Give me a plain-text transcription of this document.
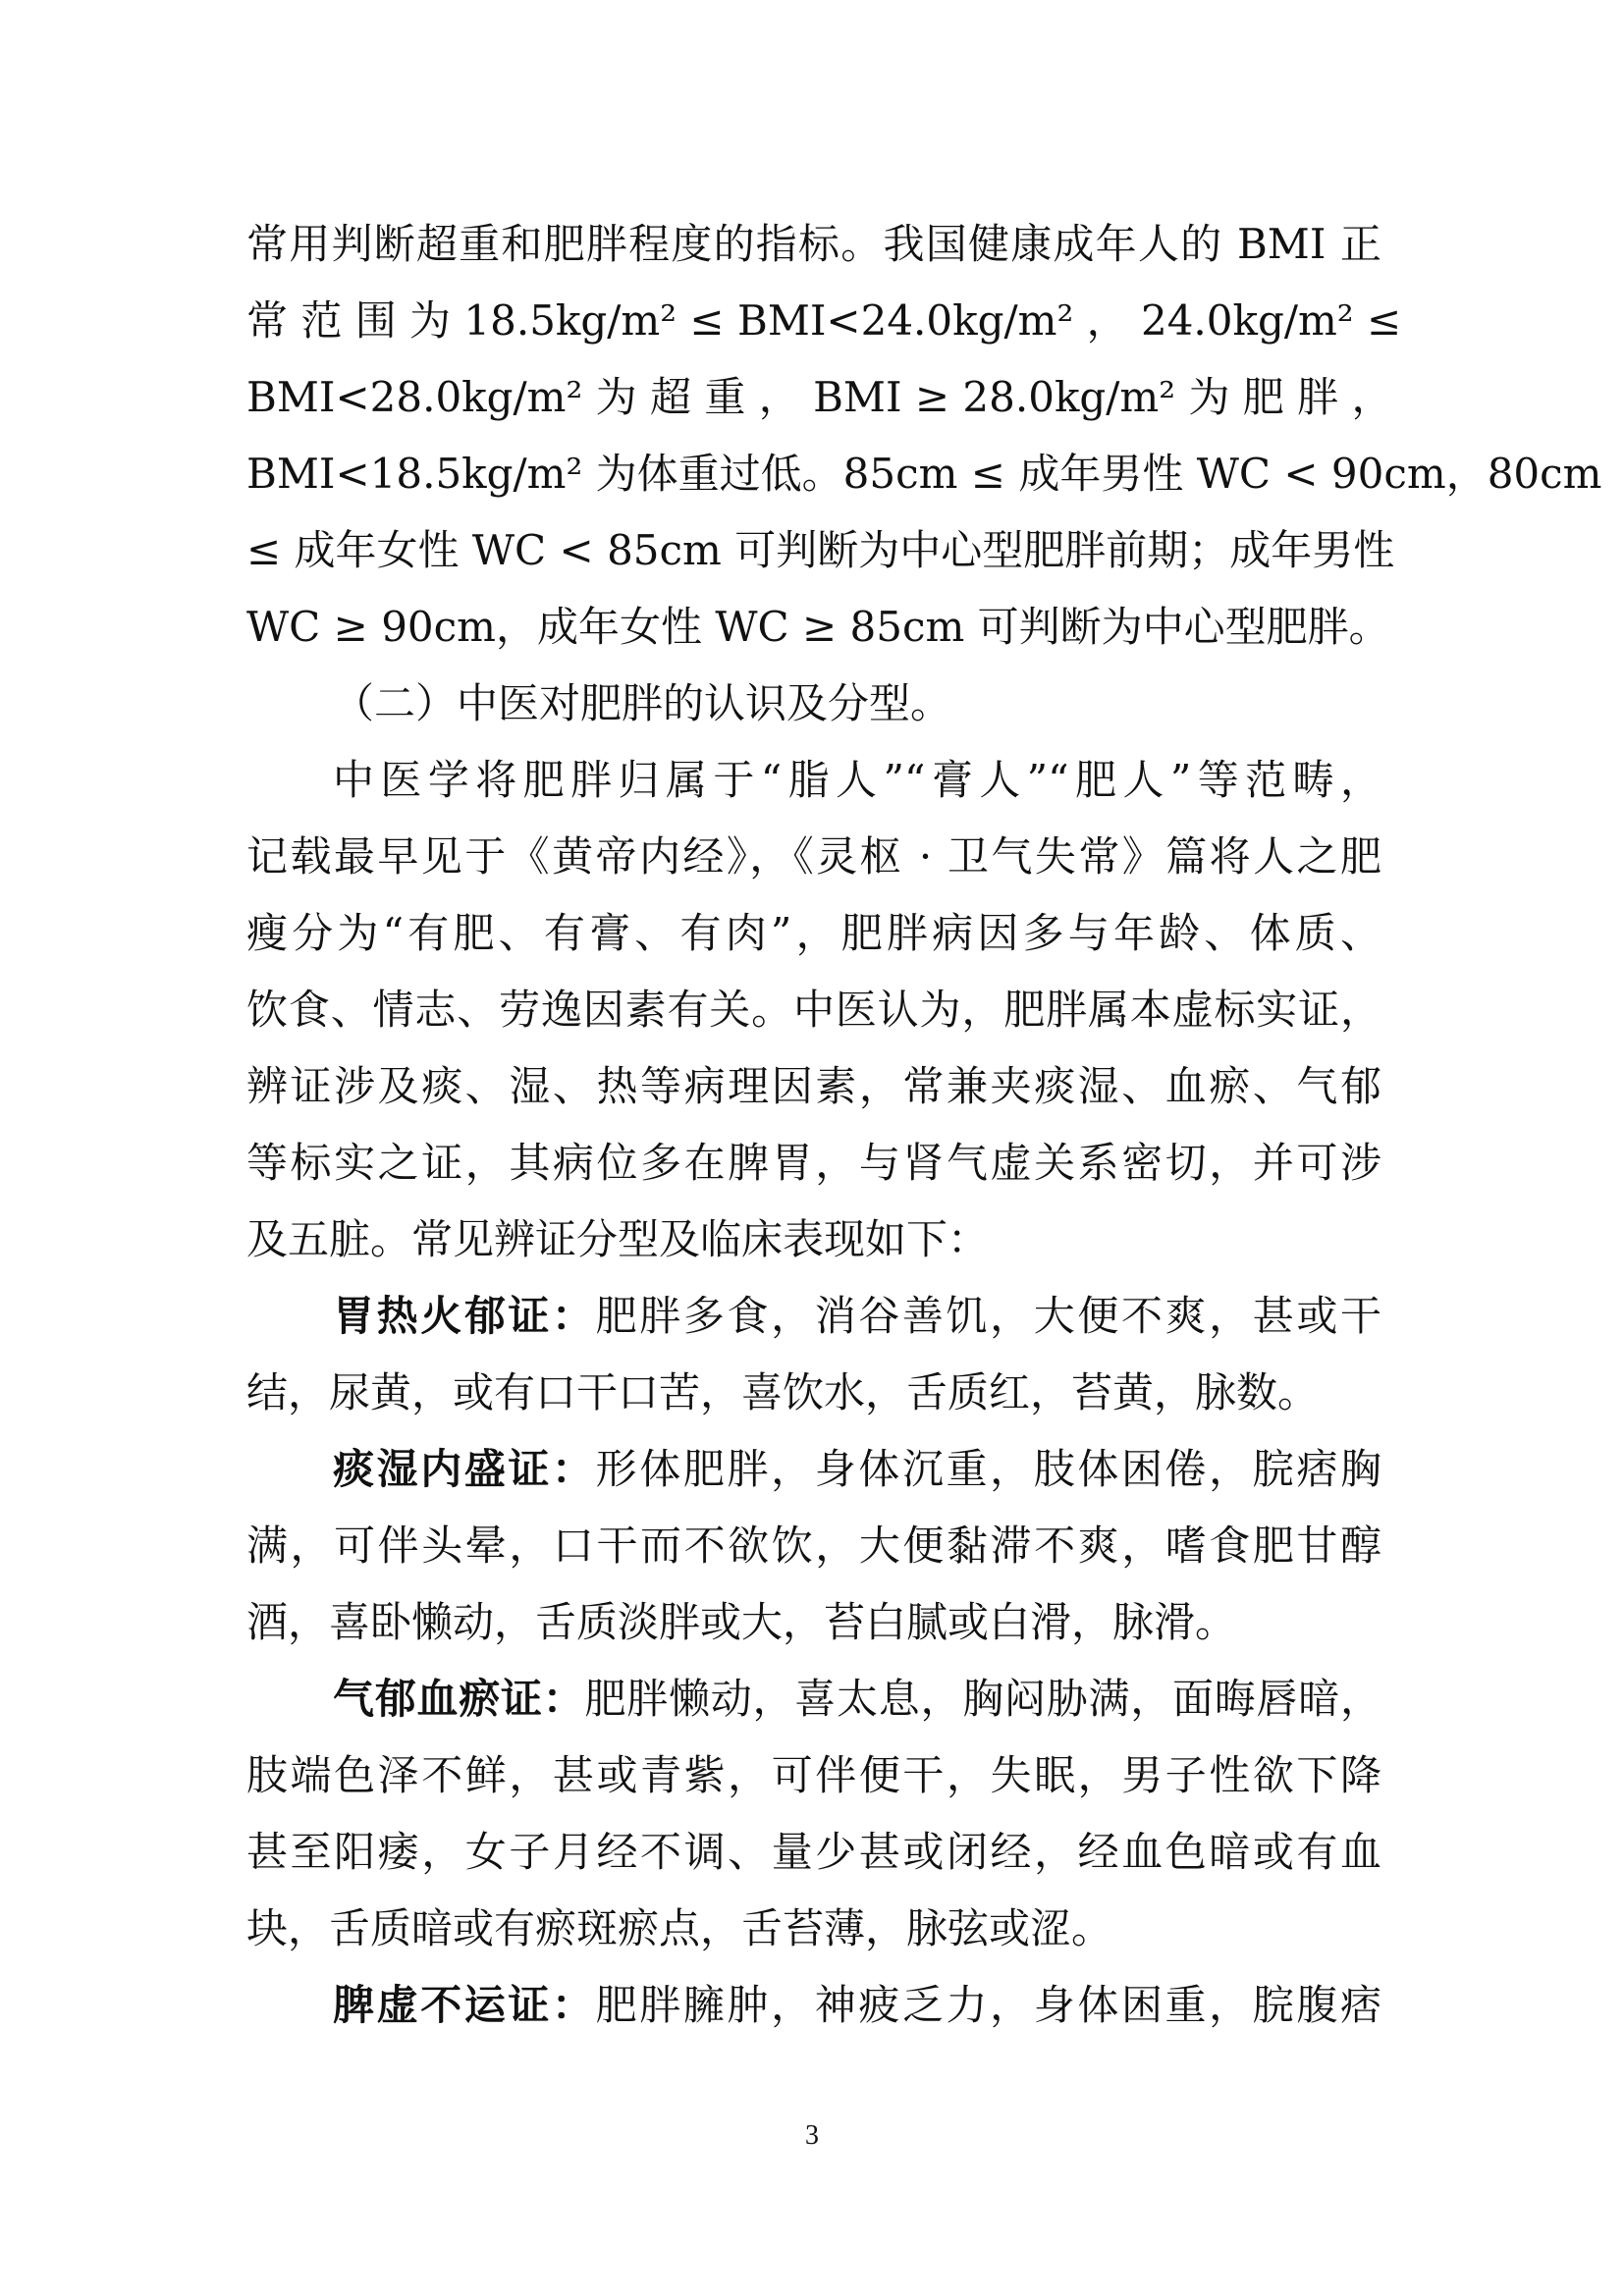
常用判断超重和肥胖程度的指标。我国健康成年人的 BMI 正
常 范 围 为 18.5kg/m² ≤ BMI<24.0kg/m² ， 24.0kg/m² ≤
BMI<28.0kg/m² 为 超 重 ， BMI ≥ 28.0kg/m² 为 肥 胖 ，
BMI<18.5kg/m² 为体重过低。85cm ≤ 成年男性 WC < 90cm，80cm
≤ 成年女性 WC < 85cm 可判断为中心型肥胖前期；成年男性
WC ≥ 90cm，成年女性 WC ≥ 85cm 可判断为中心型肥胖。
（二）中医对肥胖的认识及分型。
中医学将肥胖归属于“脂人”“膏人”“肥人”等范畴，
记载最早见于《黄帝内经》，《灵枢 · 卫气失常》篇将人之肥
瘦分为“有肥、有膏、有肉”，肥胖病因多与年龄、体质、
饮食、情志、劳逸因素有关。中医认为，肥胖属本虚标实证，
辨证涉及痰、湿、热等病理因素，常兼夹痰湿、血瘀、气郁
等标实之证，其病位多在脾胃，与肾气虚关系密切，并可涉
及五脏。常见辨证分型及临床表现如下：
胃热火郁证：肥胖多食，消谷善饥，大便不爽，甚或干
结，尿黄，或有口干口苦，喜饮水，舌质红，苔黄，脉数。
痰湿内盛证：形体肥胖，身体沉重，肢体困倦，脘痞胸
满，可伴头晕，口干而不欲饮，大便黏滞不爽，嗜食肥甘醇
酒，喜卧懒动，舌质淡胖或大，苔白腻或白滑，脉滑。
气郁血瘀证：肥胖懒动，喜太息，胸闷胁满，面晦唇暗，
肢端色泽不鲜，甚或青紫，可伴便干，失眠，男子性欲下降
甚至阳痿，女子月经不调、量少甚或闭经，经血色暗或有血
块，舌质暗或有瘀斑瘀点，舌苔薄，脉弦或涩。
脾虚不运证：肥胖臃肿，神疲乏力，身体困重，脘腹痞
3
